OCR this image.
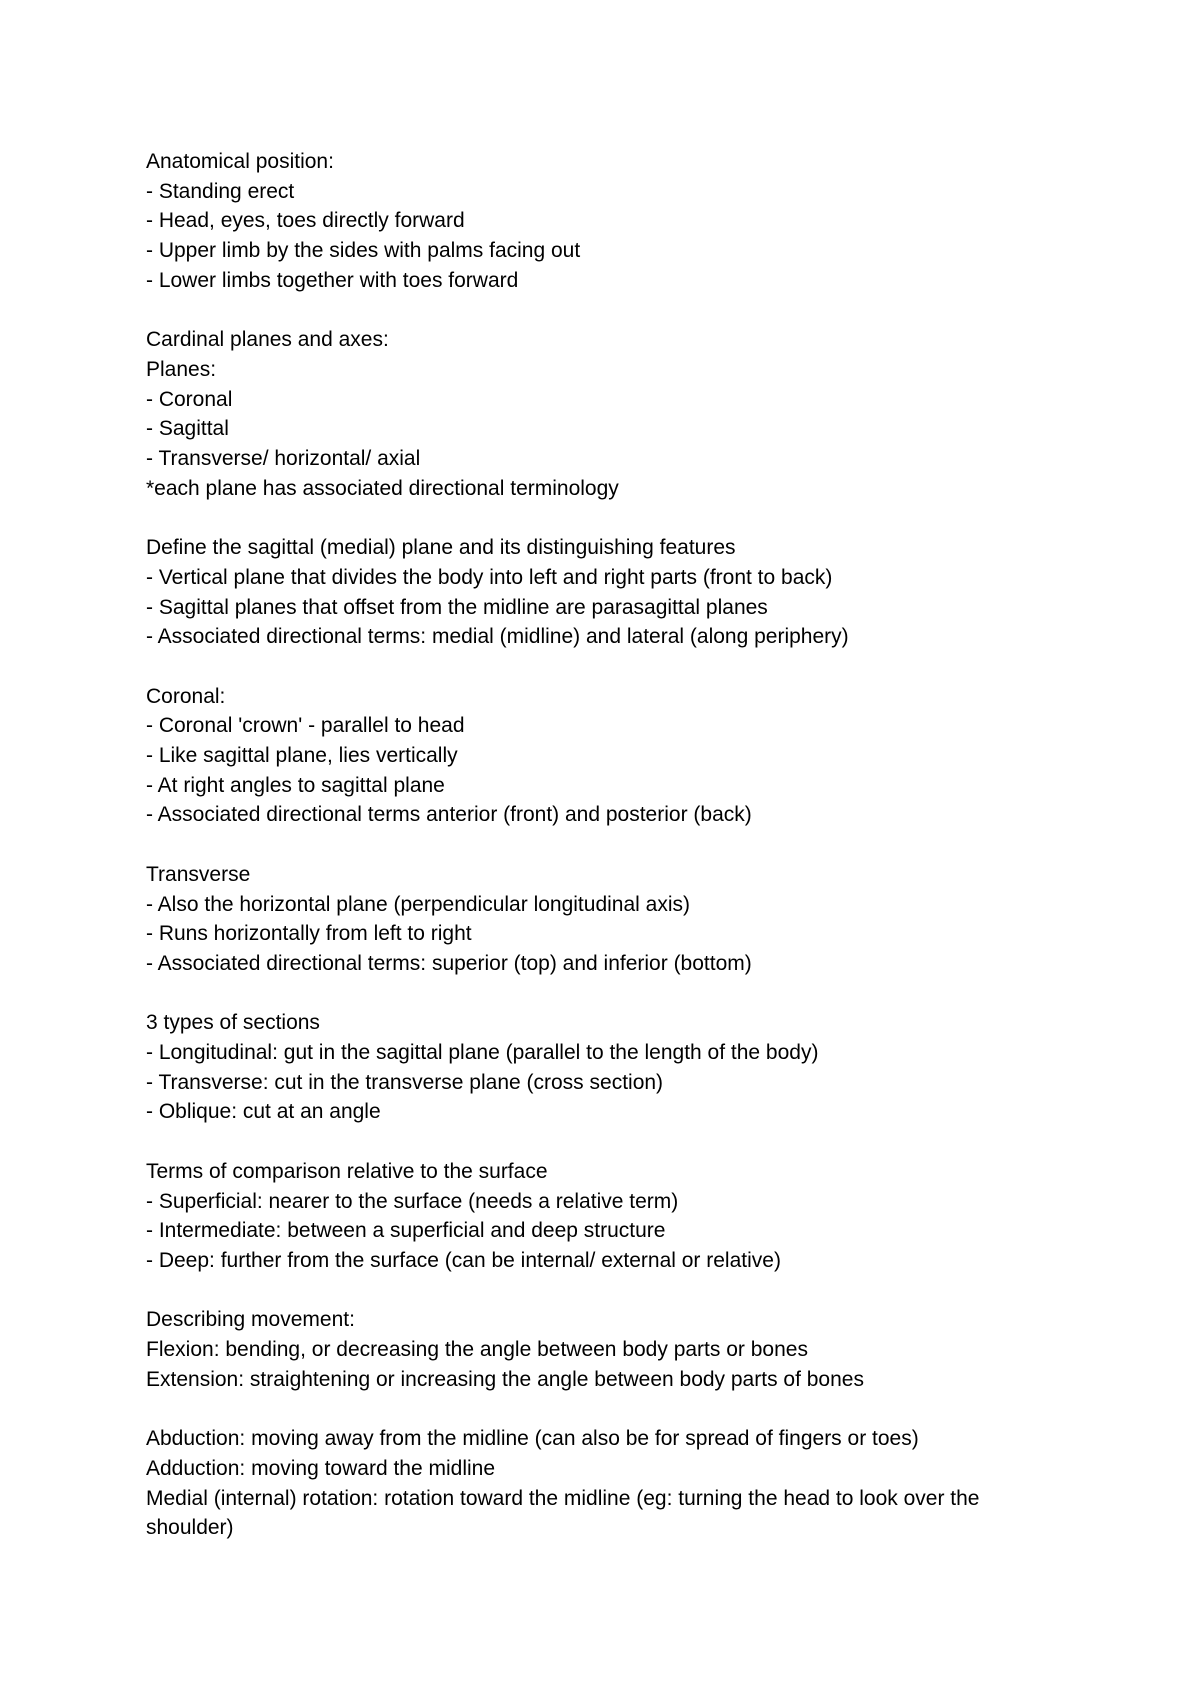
Anatomical position:
- Standing erect
- Head, eyes, toes directly forward
- Upper limb by the sides with palms facing out
- Lower limbs together with toes forward
Cardinal planes and axes:
Planes:
- Coronal
- Sagittal
- Transverse/ horizontal/ axial
*each plane has associated directional terminology
Define the sagittal (medial) plane and its distinguishing features
- Vertical plane that divides the body into left and right parts (front to back)
- Sagittal planes that offset from the midline are parasagittal planes
- Associated directional terms: medial (midline) and lateral (along periphery)
Coronal:
- Coronal 'crown' - parallel to head
- Like sagittal plane, lies vertically
- At right angles to sagittal plane
- Associated directional terms anterior (front) and posterior (back)
Transverse
- Also the horizontal plane (perpendicular longitudinal axis)
- Runs horizontally from left to right
- Associated directional terms: superior (top) and inferior (bottom)
3 types of sections
- Longitudinal: gut in the sagittal plane (parallel to the length of the body)
- Transverse: cut in the transverse plane (cross section)
- Oblique: cut at an angle
Terms of comparison relative to the surface
- Superficial: nearer to the surface (needs a relative term)
- Intermediate: between a superficial and deep structure
- Deep: further from the surface (can be internal/ external or relative)
Describing movement:
Flexion: bending, or decreasing the angle between body parts or bones
Extension: straightening or increasing the angle between body parts of bones
Abduction: moving away from the midline (can also be for spread of fingers or toes)
Adduction: moving toward the midline
Medial (internal) rotation: rotation toward the midline (eg: turning the head to look over the shoulder)
